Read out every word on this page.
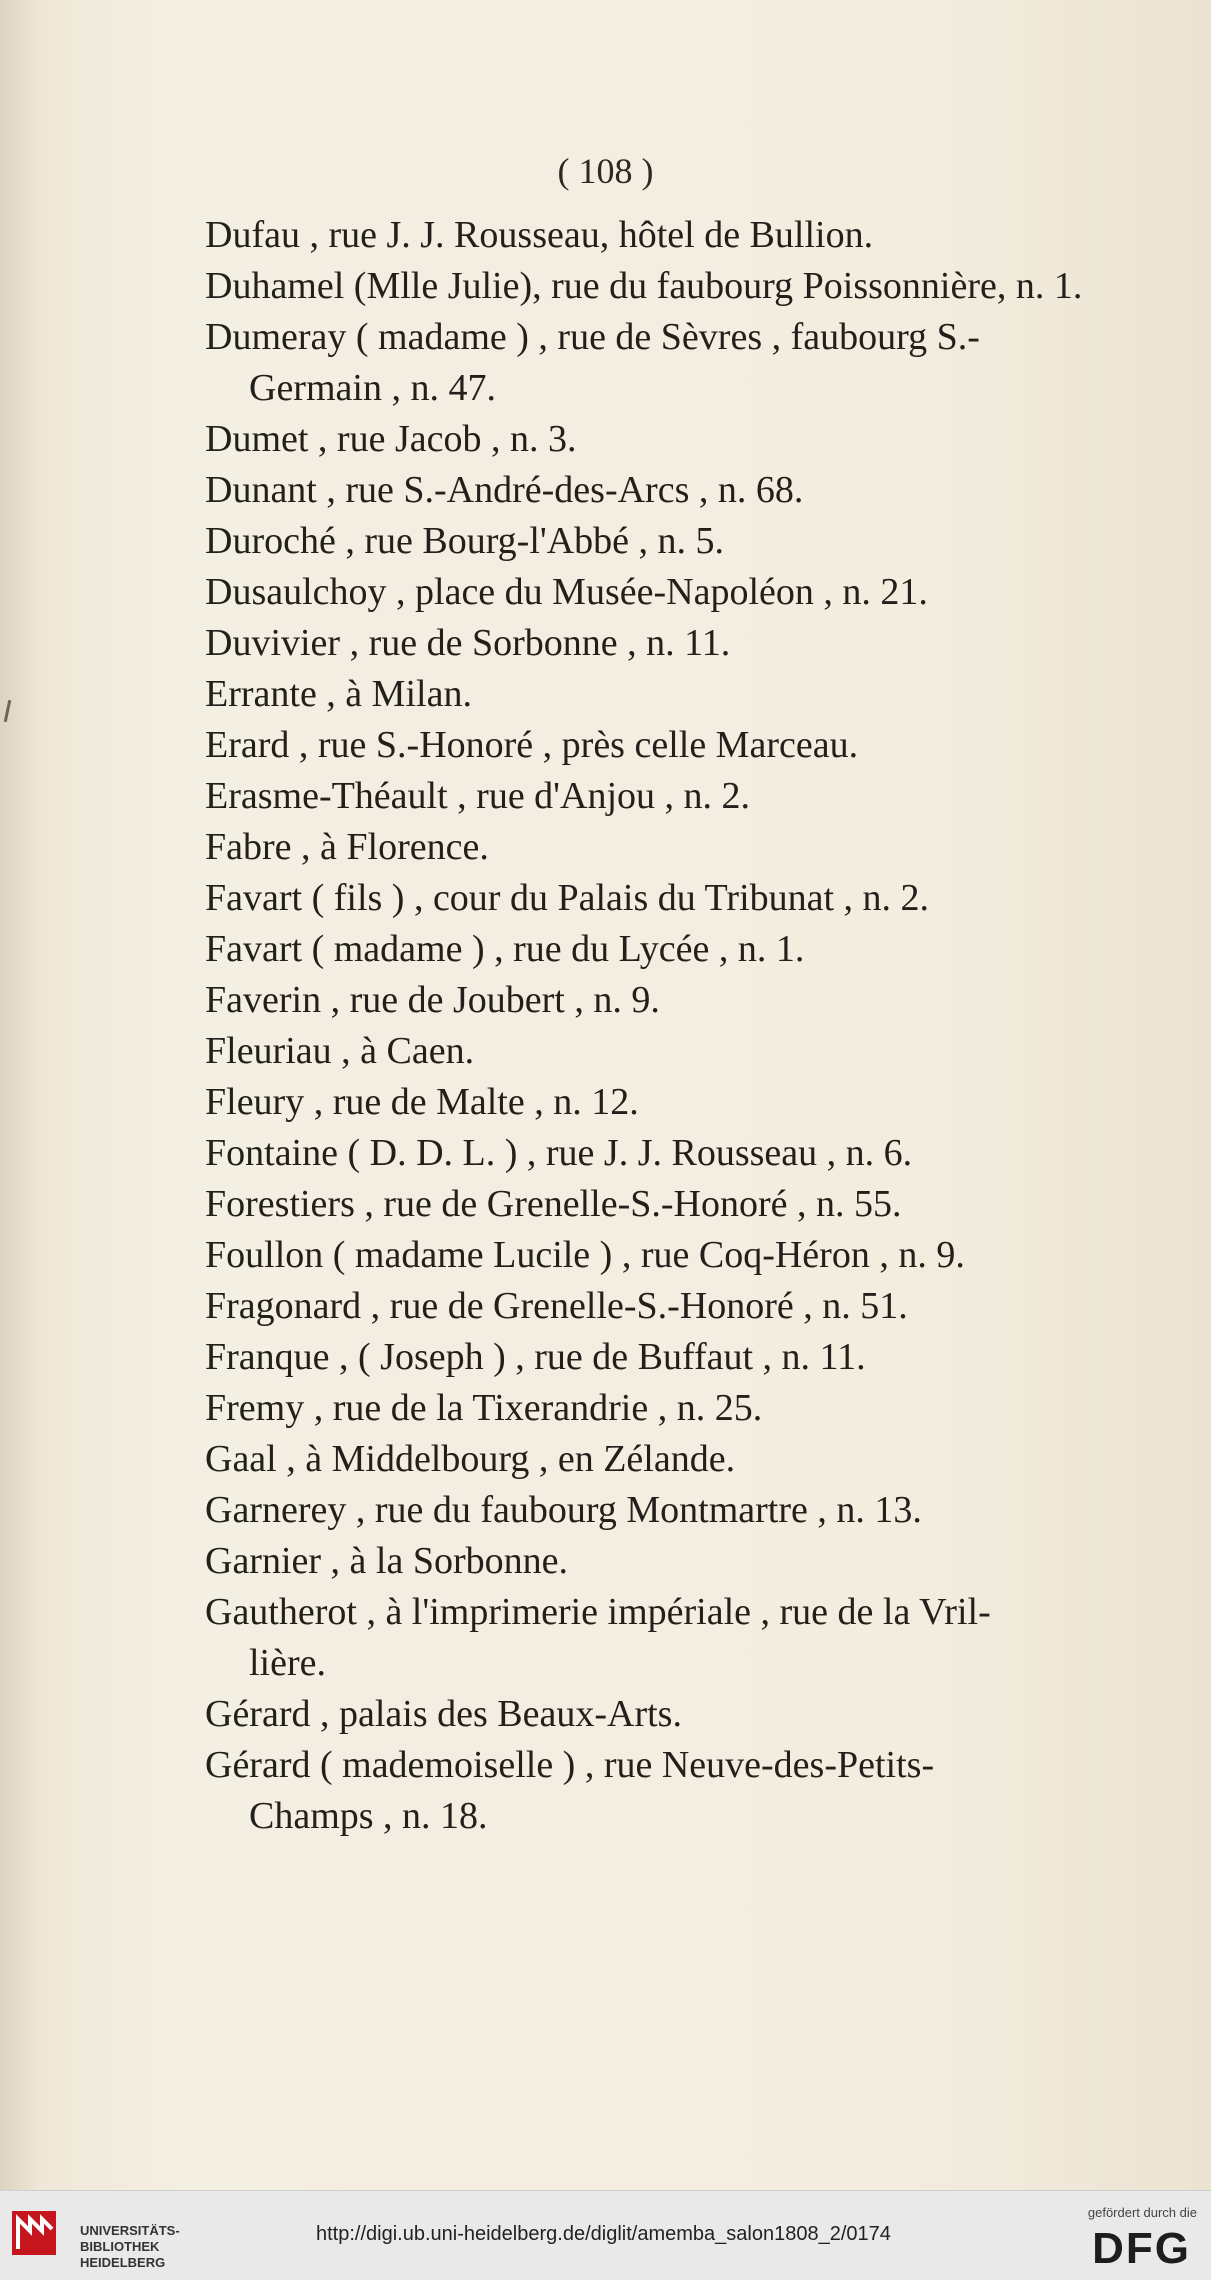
( 108 )
Dufau , rue J. J. Rousseau, hôtel de Bullion.
Duhamel (Mlle Julie), rue du faubourg Poissonnière, n. 1.
Dumeray ( madame ) , rue de Sèvres , faubourg S.-
Germain , n. 47.
Dumet , rue Jacob , n. 3.
Dunant , rue S.-André-des-Arcs , n. 68.
Duroché , rue Bourg-l'Abbé , n. 5.
Dusaulchoy , place du Musée-Napoléon , n. 21.
Duvivier , rue de Sorbonne , n. 11.
Errante , à Milan.
Erard , rue S.-Honoré , près celle Marceau.
Erasme-Théault , rue d'Anjou , n. 2.
Fabre , à Florence.
Favart ( fils ) , cour du Palais du Tribunat , n. 2.
Favart ( madame ) , rue du Lycée , n. 1.
Faverin , rue de Joubert , n. 9.
Fleuriau , à Caen.
Fleury , rue de Malte , n. 12.
Fontaine ( D. D. L. ) , rue J. J. Rousseau , n. 6.
Forestiers , rue de Grenelle-S.-Honoré , n. 55.
Foullon ( madame Lucile ) , rue Coq-Héron , n. 9.
Fragonard , rue de Grenelle-S.-Honoré , n. 51.
Franque , ( Joseph ) , rue de Buffaut , n. 11.
Fremy , rue de la Tixerandrie , n. 25.
Gaal , à Middelbourg , en Zélande.
Garnerey , rue du faubourg Montmartre , n. 13.
Garnier , à la Sorbonne.
Gautherot , à l'imprimerie impériale , rue de la Vril-
lière.
Gérard , palais des Beaux-Arts.
Gérard ( mademoiselle ) , rue Neuve-des-Petits-
Champs , n. 18.
UNIVERSITÄTS-
BIBLIOTHEK
HEIDELBERG
http://digi.ub.uni-heidelberg.de/diglit/amemba_salon1808_2/0174
gefördert durch die
DFG
